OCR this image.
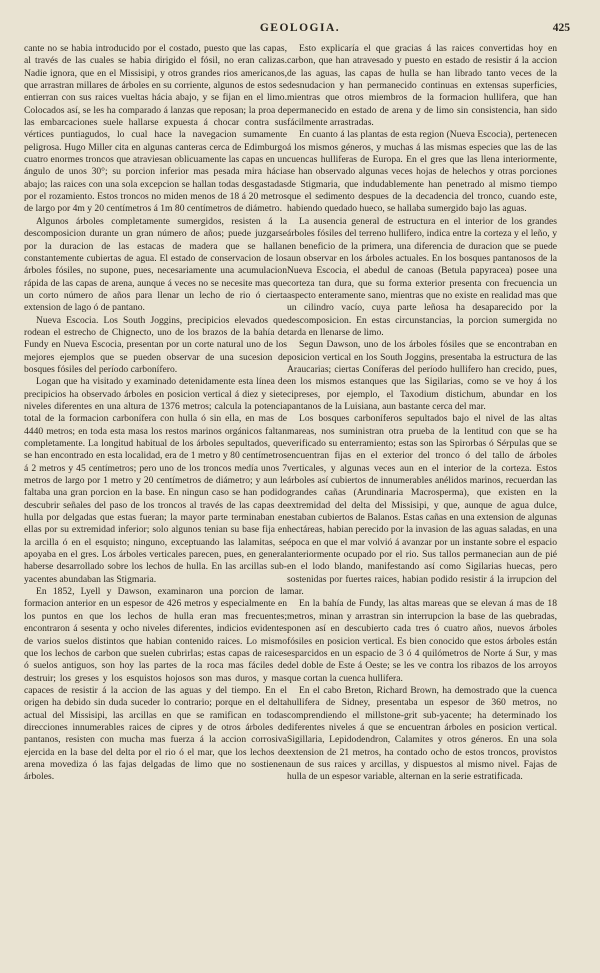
GEOLOGIA.	425

cante no se habia introducido por el costado, puesto que las capas, al través de las cuales se habia dirigido el fósil, no eran calizas. Nadie ignora, que en el Missisipi, y otros grandes rios americanos, que arrastran millares de árboles en su corriente, algunos de estos se entierran con sus raices vueltas hácia abajo, y se fijan en el limo. Colocados así, se les ha comparado á lanzas que reposan; la proa de las embarcaciones suele hallarse expuesta á chocar contra sus vértices puntiagudos, lo cual hace la navegacion sumamente peligrosa. Hugo Miller cita en algunas canteras cerca de Edimburgo cuatro enormes troncos que atraviesan oblicuamente las capas en un ángulo de unos 30°; su porcion inferior mas pesada mira hácia abajo; las raices con una sola excepcion se hallan todas desgastadas por el rozamiento. Estos troncos no miden menos de 18 á 20 metros de largo por 4m y 20 centímetros á 1m 80 centímetros de diámetro.

Algunos árboles completamente sumergidos, resisten á la descomposicion durante un gran número de años; puede juzgarse por la duracion de las estacas de madera que se hallan constantemente cubiertas de agua. El estado de conservacion de los árboles fósiles, no supone, pues, necesariamente una acumulacion rápida de las capas de arena, aunque á veces no se necesite mas que un corto número de años para llenar un lecho de rio ó cierta extension de lago ó de pantano.

Nueva Escocia. Los South Joggins, precipicios elevados que rodean el estrecho de Chignecto, uno de los brazos de la bahía de Fundy en Nueva Escocia, presentan por un corte natural uno de los mejores ejemplos que se pueden observar de una sucesion de bosques fósiles del período carbonífero.

Logan que ha visitado y examinado detenidamente esta línea de precipicios ha observado árboles en posicion vertical á diez y siete niveles diferentes en una altura de 1376 metros; calcula la potencia total de la formacion carbonífera con hulla ó sin ella, en mas de 4440 metros; en toda esta masa los restos marinos orgánicos faltan completamente. La longitud habitual de los árboles sepultados, que se han encontrado en esta localidad, era de 1 metro y 80 centímetros á 2 metros y 45 centímetros; pero uno de los troncos medía unos 7 metros de largo por 1 metro y 20 centímetros de diámetro; y aun le faltaba una gran porcion en la base. En ningun caso se han podido descubrir señales del paso de los troncos al través de las capas de hulla por delgadas que estas fueran; la mayor parte terminaban en ellas por su extremidad inferior; solo algunos tenian su base fija en la arcilla ó en el esquisto; ninguno, exceptuando las lalamitas, se apoyaba en el gres. Los árboles verticales parecen, pues, en general haberse desarrollado sobre los lechos de hulla. En las arcillas sub-yacentes abundaban las Stigmaria.

En 1852, Lyell y Dawson, examinaron una porcion de la formacion anterior en un espesor de 426 metros y especialmente en los puntos en que los lechos de hulla eran mas frecuentes; encontraron á sesenta y ocho niveles diferentes, indicios evidentes de varios suelos distintos que habian contenido raices. Lo mismo que los lechos de carbon que suelen cubrirlas; estas capas de raices ó suelos antiguos, son hoy las partes de la roca mas fáciles de destruir; los greses y los esquistos hojosos son mas duros, y mas capaces de resistir á la accion de las aguas y del tiempo. En el origen ha debido sin duda suceder lo contrario; porque en el delta actual del Missisipi, las arcillas en que se ramifican en todas direcciones innumerables raices de cipres y de otros árboles de pantanos, resisten con mucha mas fuerza á la accion corrosiva ejercida en la base del delta por el rio ó el mar, que los lechos de arena movediza ó las fajas delgadas de limo que no sostienen árboles.

Esto explicaría el que gracias á las raices convertidas hoy en carbon, que han atravesado y puesto en estado de resistir á la accion de las aguas, las capas de hulla se han librado tanto veces de la desnudacion y han permanecido continuas en extensas superficies, mientras que otros miembros de la formacion hullifera, que han permanecido en estado de arena y de limo sin consistencia, han sido fácilmente arrastradas.

En cuanto á las plantas de esta region (Nueva Escocia), pertenecen á los mismos géneros, y muchas á las mismas especies que las de las cuencas hulliferas de Europa. En el gres que las llena interiormente, se han observado algunas veces hojas de helechos y otras porciones de Stigmaria, que indudablemente han penetrado al mismo tiempo que el sedimento despues de la decadencia del tronco, cuando este, habiendo quedado hueco, se hallaba sumergido bajo las aguas.

La ausencia general de estructura en el interior de los grandes árboles fósiles del terreno hullifero, indica entre la corteza y el leño, y en beneficio de la primera, una diferencia de duracion que se puede aun observar en los árboles actuales. En los bosques pantanosos de la Nueva Escocia, el abedul de canoas (Betula papyracea) posee una corteza tan dura, que su forma exterior presenta con frecuencia un aspecto enteramente sano, mientras que no existe en realidad mas que un cilindro vacío, cuya parte leñosa ha desaparecido por la descomposicion. En estas circunstancias, la porcion sumergida no tarda en llenarse de limo.

Segun Dawson, uno de los árboles fósiles que se encontraban en posicion vertical en los South Joggins, presentaba la estructura de las Araucarias; ciertas Coníferas del período hullifero han crecido, pues, en los mismos estanques que las Sigilarias, como se ve hoy á los cipreses, por ejemplo, el Taxodium distichum, abundar en los pantanos de la Luisiana, aun bastante cerca del mar.

Los bosques carboníferos sepultados bajo el nivel de las altas mareas, nos suministran otra prueba de la lentitud con que se ha verificado su enterramiento; estas son las Spirorbas ó Sérpulas que se encuentran fijas en el exterior del tronco ó del tallo de árboles verticales, y algunas veces aun en el interior de la corteza. Estos árboles así cubiertos de innumerables anélidos marinos, recuerdan las grandes cañas (Arundinaria Macrosperma), que existen en la extremidad del delta del Missisipi, y que, aunque de agua dulce, estaban cubiertos de Balanos. Estas cañas en una extension de algunas hectáreas, habian perecido por la invasion de las aguas saladas, en una época en que el mar volvió á avanzar por un instante sobre el espacio anteriormente ocupado por el rio. Sus tallos permanecian aun de pié en el lodo blando, manifestando así como Sigilarias huecas, pero sostenidas por fuertes raices, habian podido resistir á la irrupcion del mar.

En la bahía de Fundy, las altas mareas que se elevan á mas de 18 metros, minan y arrastran sin interrupcion la base de las quebradas, ponen así en descubierto cada tres ó cuatro años, nuevos árboles fósiles en posicion vertical. Es bien conocido que estos árboles están esparcidos en un espacio de 3 ó 4 quilómetros de Norte á Sur, y mas del doble de Este á Oeste; se les ve contra los ribazos de los arroyos que cortan la cuenca hullifera.

En el cabo Breton, Richard Brown, ha demostrado que la cuenca hullifera de Sidney, presentaba un espesor de 360 metros, no comprendiendo el millstone-grit sub-yacente; ha determinado los diferentes niveles á que se encuentran árboles en posicion vertical. Sigillaria, Lepidodendron, Calamites y otros géneros. En una sola extension de 21 metros, ha contado ocho de estos troncos, provistos aun de sus raices y arcillas, y dispuestos al mismo nivel. Fajas de hulla de un espesor variable, alternan en la serie estratificada.
